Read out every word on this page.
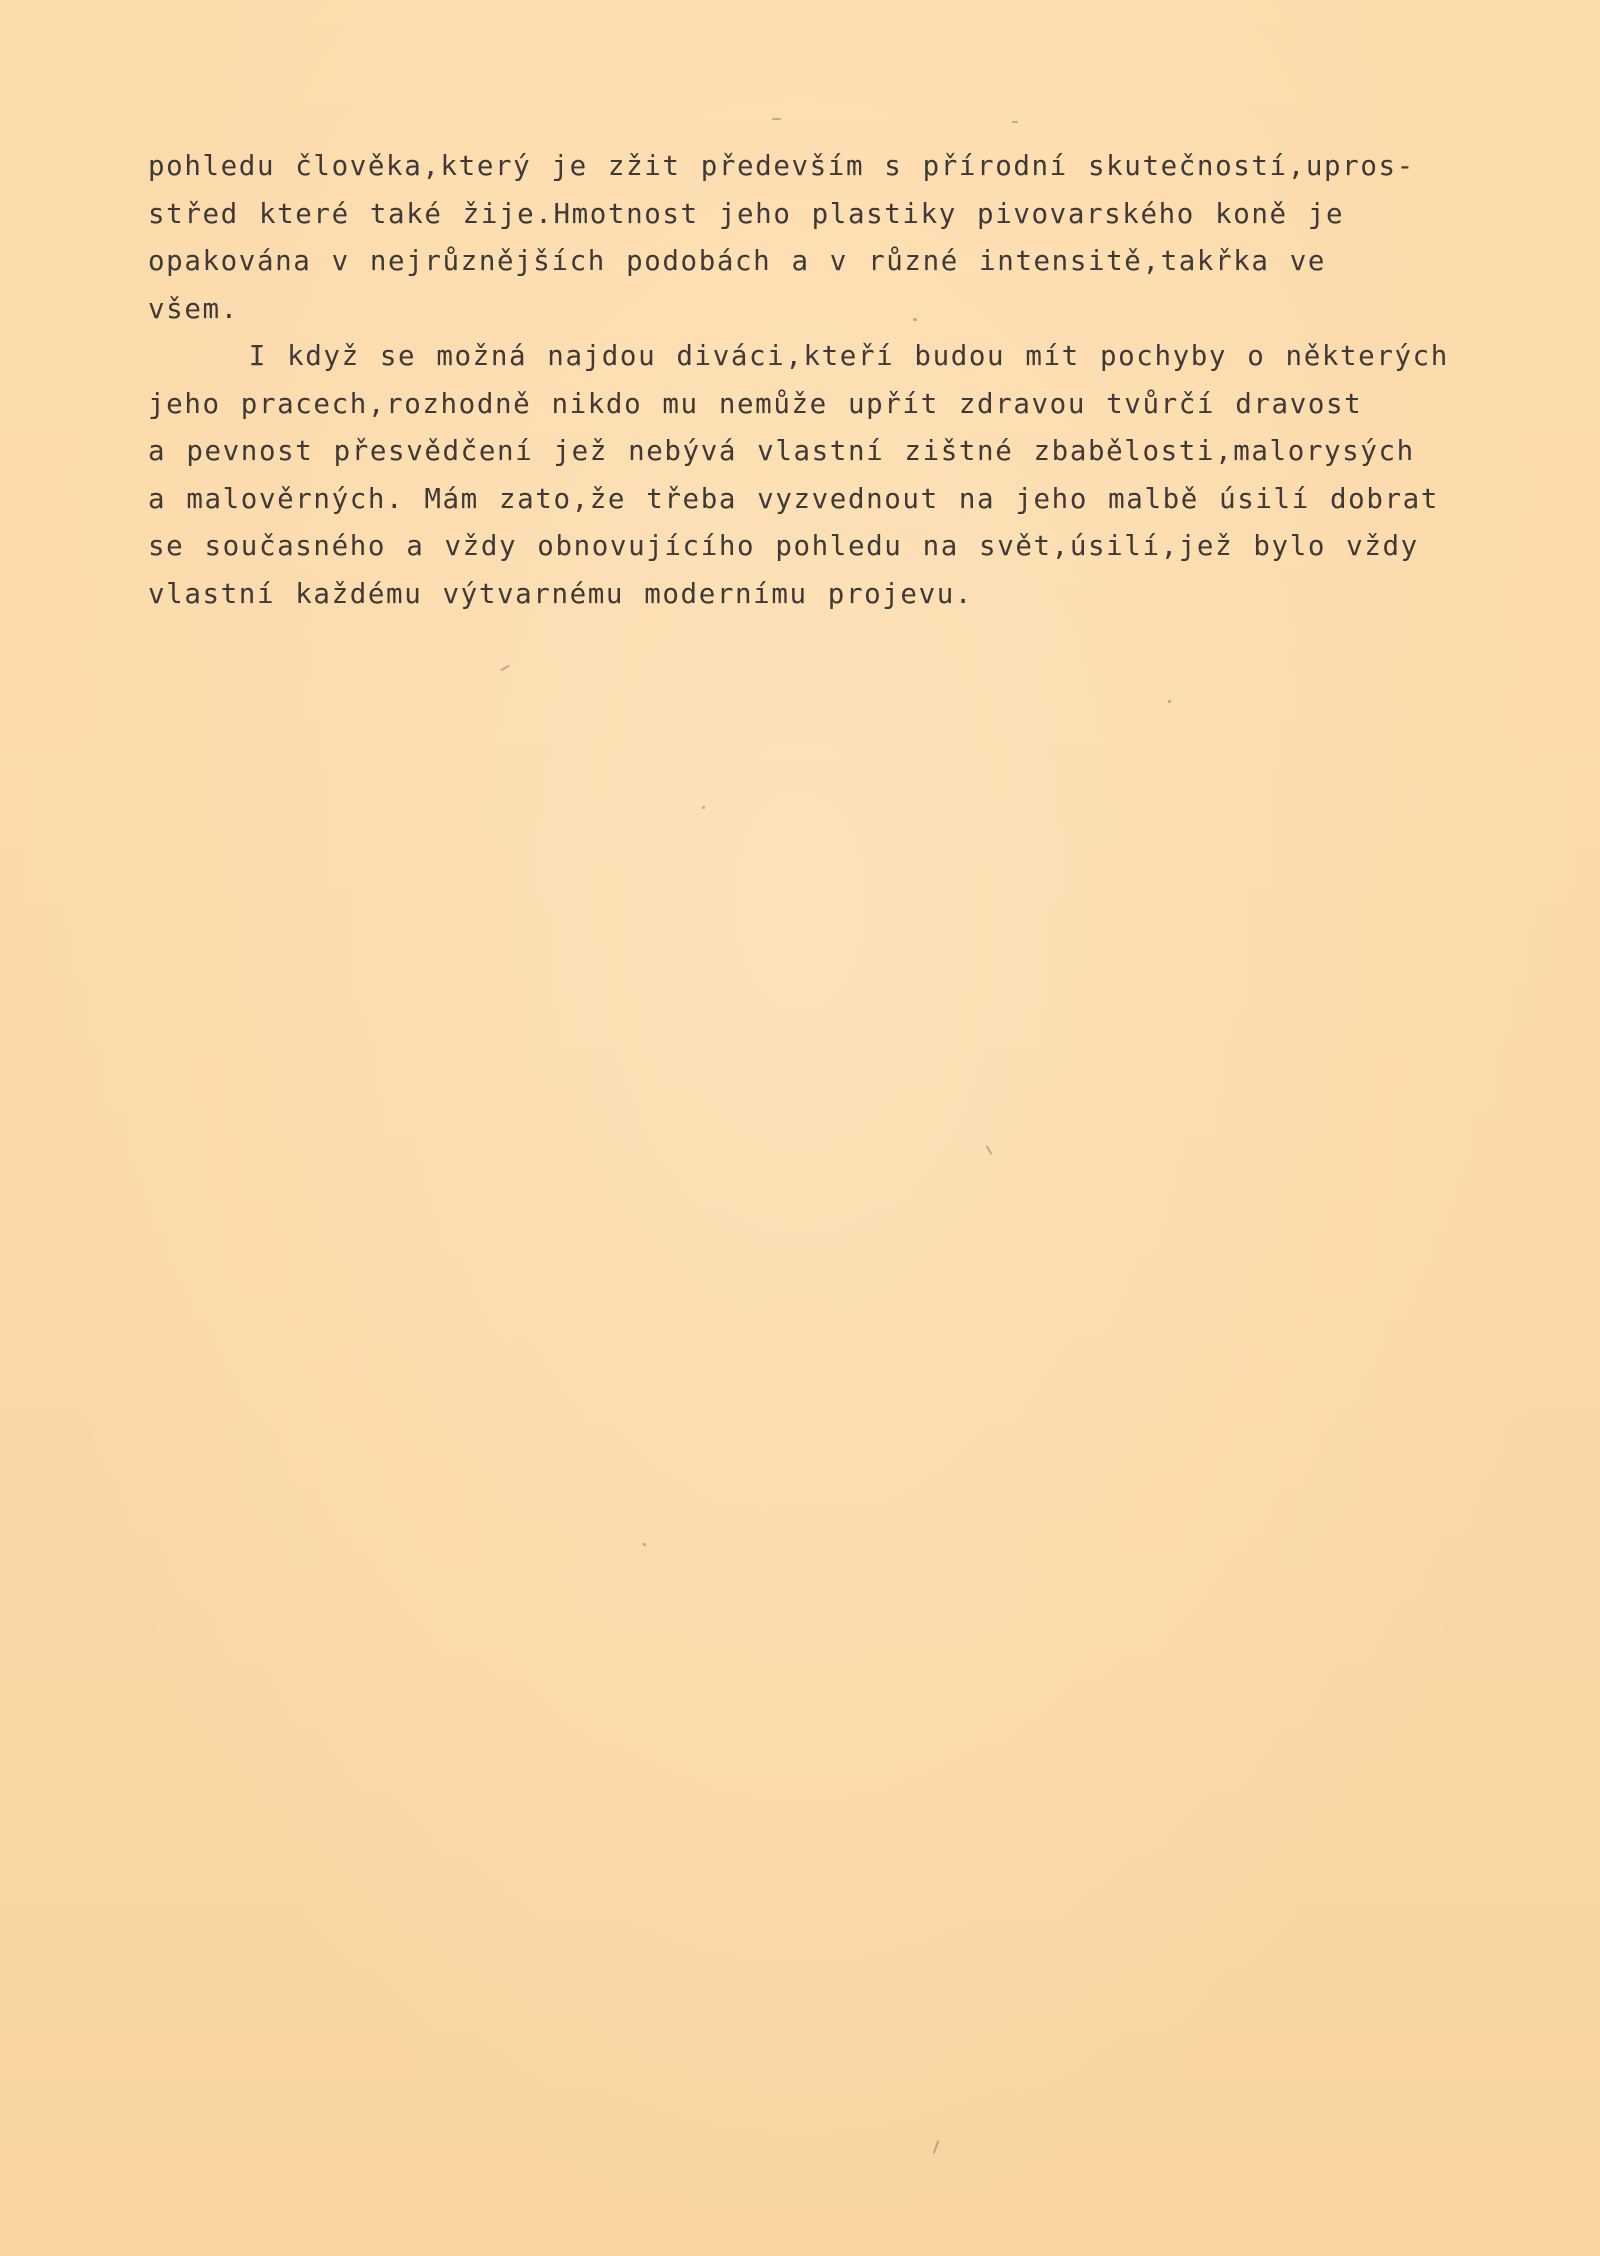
pohledu člověka,který je zžit především s přírodní skutečností,upros-
střed které také žije.Hmotnost jeho plastiky pivovarského koně je
opakována v nejrůznějších podobách a v různé intensitě,takřka ve
všem.
I když se možná najdou diváci,kteří budou mít pochyby o některých
jeho pracech,rozhodně nikdo mu nemůže upřít zdravou tvůrčí dravost
a pevnost přesvědčení jež nebývá vlastní zištné zbabělosti,malorysých
a malověrných. Mám zato,že třeba vyzvednout na jeho malbě úsilí dobrat
se současného a vždy obnovujícího pohledu na svět,úsilí,jež bylo vždy
vlastní každému výtvarnému modernímu projevu.
